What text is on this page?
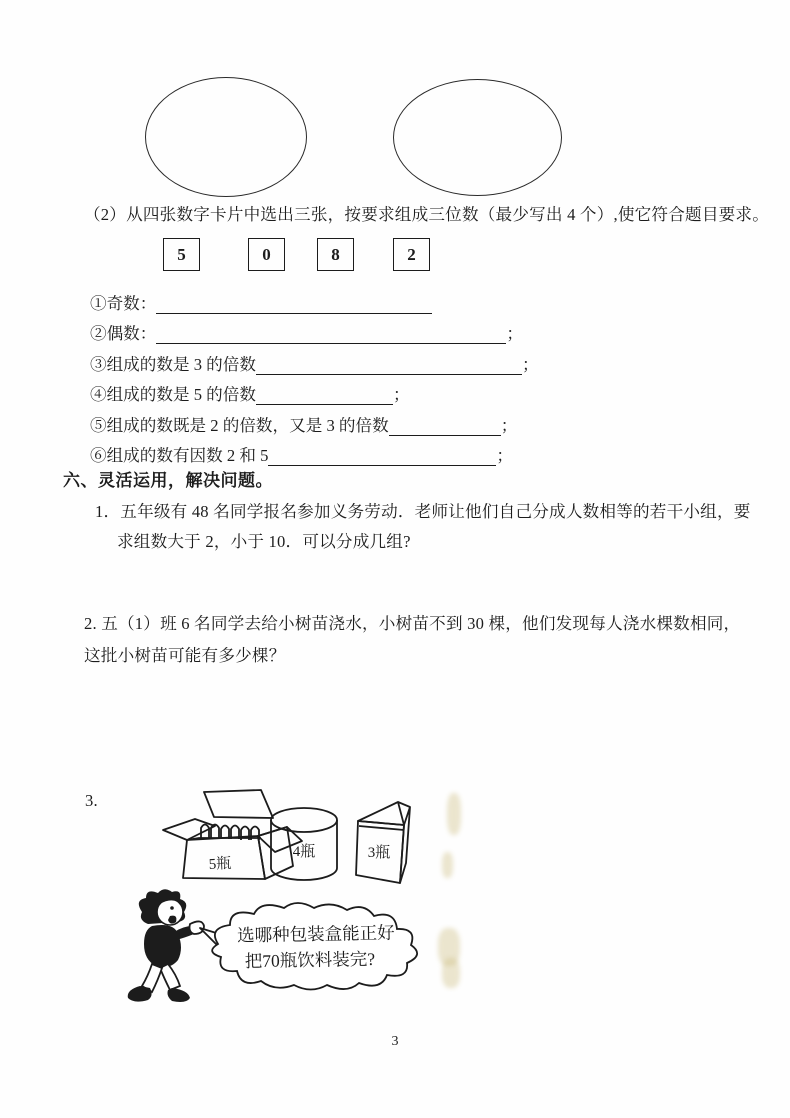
（2）从四张数字卡片中选出三张，按要求组成三位数（最少写出 4 个）,使它符合题目要求。
5	0	8	2
①奇数：
②偶数：	；
③组成的数是 3 的倍数	；
④组成的数是 5 的倍数	；
⑤组成的数既是 2 的倍数，又是 3 的倍数	；
⑥组成的数有因数 2 和 5	；
六、灵活运用，解决问题。
1．五年级有 48 名同学报名参加义务劳动．老师让他们自己分成人数相等的若干小组，要
求组数大于 2，小于 10．可以分成几组?
2. 五（1）班 6 名同学去给小树苗浇水，小树苗不到 30 棵，他们发现每人浇水棵数相同，
这批小树苗可能有多少棵？
3.
5瓶
4瓶	3瓶
选哪种包装盒能正好
把70瓶饮料装完?
3
